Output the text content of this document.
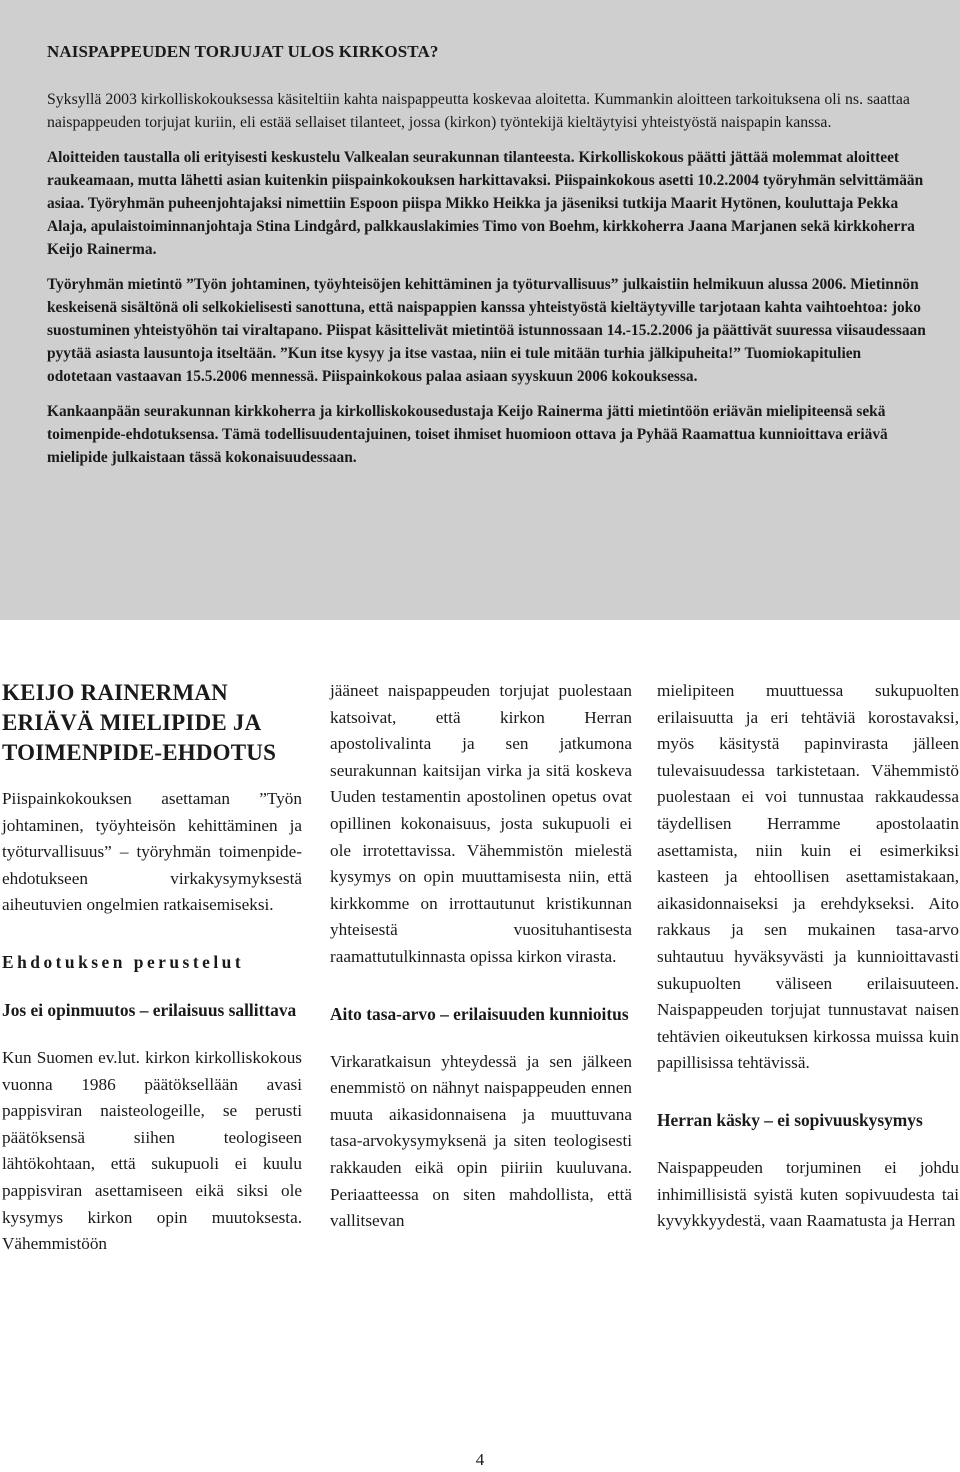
NAISPAPPEUDEN TORJUJAT ULOS KIRKOSTA?

Syksyllä 2003 kirkolliskokouksessa käsiteltiin kahta naispappeutta koskevaa aloitetta. Kummankin aloitteen tarkoituksena oli ns. saattaa naispappeuden torjujat kuriin, eli estää sellaiset tilanteet, jossa (kirkon) työntekijä kieltäytyisi yhteistyöstä naispapin kanssa.

Aloitteiden taustalla oli erityisesti keskustelu Valkealan seurakunnan tilanteesta. Kirkolliskokous päätti jättää molemmat aloitteet raukeamaan, mutta lähetti asian kuitenkin piispainkokouksen harkittavaksi. Piispainkokous asetti 10.2.2004 työryhmän selvittämään asiaa. Työryhmän puheenjohtajaksi nimettiin Espoon piispa Mikko Heikka ja jäseniksi tutkija Maarit Hytönen, kouluttaja Pekka Alaja, apulaistoiminnanjohtaja Stina Lindgård, palkkauslakimies Timo von Boehm, kirkkoherra Jaana Marjanen sekä kirkkoherra Keijo Rainerma.

Työryhmän mietintö ”Työn johtaminen, työyhteisöjen kehittäminen ja työturvallisuus” julkaistiin helmikuun alussa 2006. Mietinnön keskeisenä sisältönä oli selkokielisesti sanottuna, että naispappien kanssa yhteistyöstä kieltäytyville tarjotaan kahta vaihtoehtoa: joko suostuminen yhteistyöhön tai viraltapano. Piispat käsittelivät mietintöä istunnossaan 14.-15.2.2006 ja päättivät suuressa viisaudessaan pyytää asiasta lausuntoja itseltään. ”Kun itse kysyy ja itse vastaa, niin ei tule mitään turhia jälkipuheita!” Tuomiokapitulien odotetaan vastaavan 15.5.2006 mennessä. Piispainkokous palaa asiaan syyskuun 2006 kokouksessa.

Kankaanpään seurakunnan kirkkoherra ja kirkolliskokousedustaja Keijo Rainerma jätti mietintöön eriävän mielipiteensä sekä toimenpide-ehdotuksensa. Tämä todellisuudentajuinen, toiset ihmiset huomioon ottava ja Pyhää Raamattua kunnioittava eriävä mielipide julkaistaan tässä kokonaisuudessaan.

KEIJO RAINERMAN ERIÄVÄ MIELIPIDE JA TOIMENPIDE-EHDOTUS

Piispainkokouksen asettaman ”Työn johtaminen, työyhteisön kehittäminen ja työturvallisuus” – työryhmän toimenpide-ehdotukseen virkakysymyksestä aiheutuvien ongelmien ratkaisemiseksi.

Ehdotuksen perustelut
Jos ei opinmuutos – erilaisuus sallittava

Kun Suomen ev.lut. kirkon kirkolliskokous vuonna 1986 päätöksellään avasi pappisviran naisteologeille, se perusti päätöksensä siihen teologiseen lähtökohtaan, että sukupuoli ei kuulu pappisviran asettamiseen eikä siksi ole kysymys kirkon opin muutoksesta. Vähemmistöön

jääneet naispappeuden torjujat puolestaan katsoivat, että kirkon Herran apostolivalinta ja sen jatkumona seurakunnan kaitsijan virka ja sitä koskeva Uuden testamentin apostolinen opetus ovat opillinen kokonaisuus, josta sukupuoli ei ole irrotettavissa. Vähemmistön mielestä kysymys on opin muuttamisesta niin, että kirkkomme on irrottautunut kristikunnan yhteisestä vuosituhantisesta raamattutulkinnasta opissa kirkon virasta.

Aito tasa-arvo – erilaisuuden kunnioitus

Virkaratkaisun yhteydessä ja sen jälkeen enemmistö on nähnyt naispappeuden ennen muuta aikasidonnaisena ja muuttuvana tasa-arvokysymyksenä ja siten teologisesti rakkauden eikä opin piiriin kuuluvana. Periaatteessa on siten mahdollista, että vallitsevan

mielipiteen muuttuessa sukupuolten erilaisuutta ja eri tehtäviä korostavaksi, myös käsitystä papinvirasta jälleen tulevaisuudessa tarkistetaan. Vähemmistö puolestaan ei voi tunnustaa rakkaudessa täydellisen Herramme apostolaatin asettamista, niin kuin ei esimerkiksi kasteen ja ehtoollisen asettamistakaan, aikasidonnaiseksi ja erehdykseksi. Aito rakkaus ja sen mukainen tasa-arvo suhtautuu hyväksyvästi ja kunnioittavasti sukupuolten väliseen erilaisuuteen. Naispappeuden torjujat tunnustavat naisen tehtävien oikeutuksen kirkossa muissa kuin papillisissa tehtävissä.

Herran käsky – ei sopivuuskysymys

Naispappeuden torjuminen ei johdu inhimillisistä syistä kuten sopivuudesta tai kyvykkyydestä, vaan Raamatusta ja Herran

4
